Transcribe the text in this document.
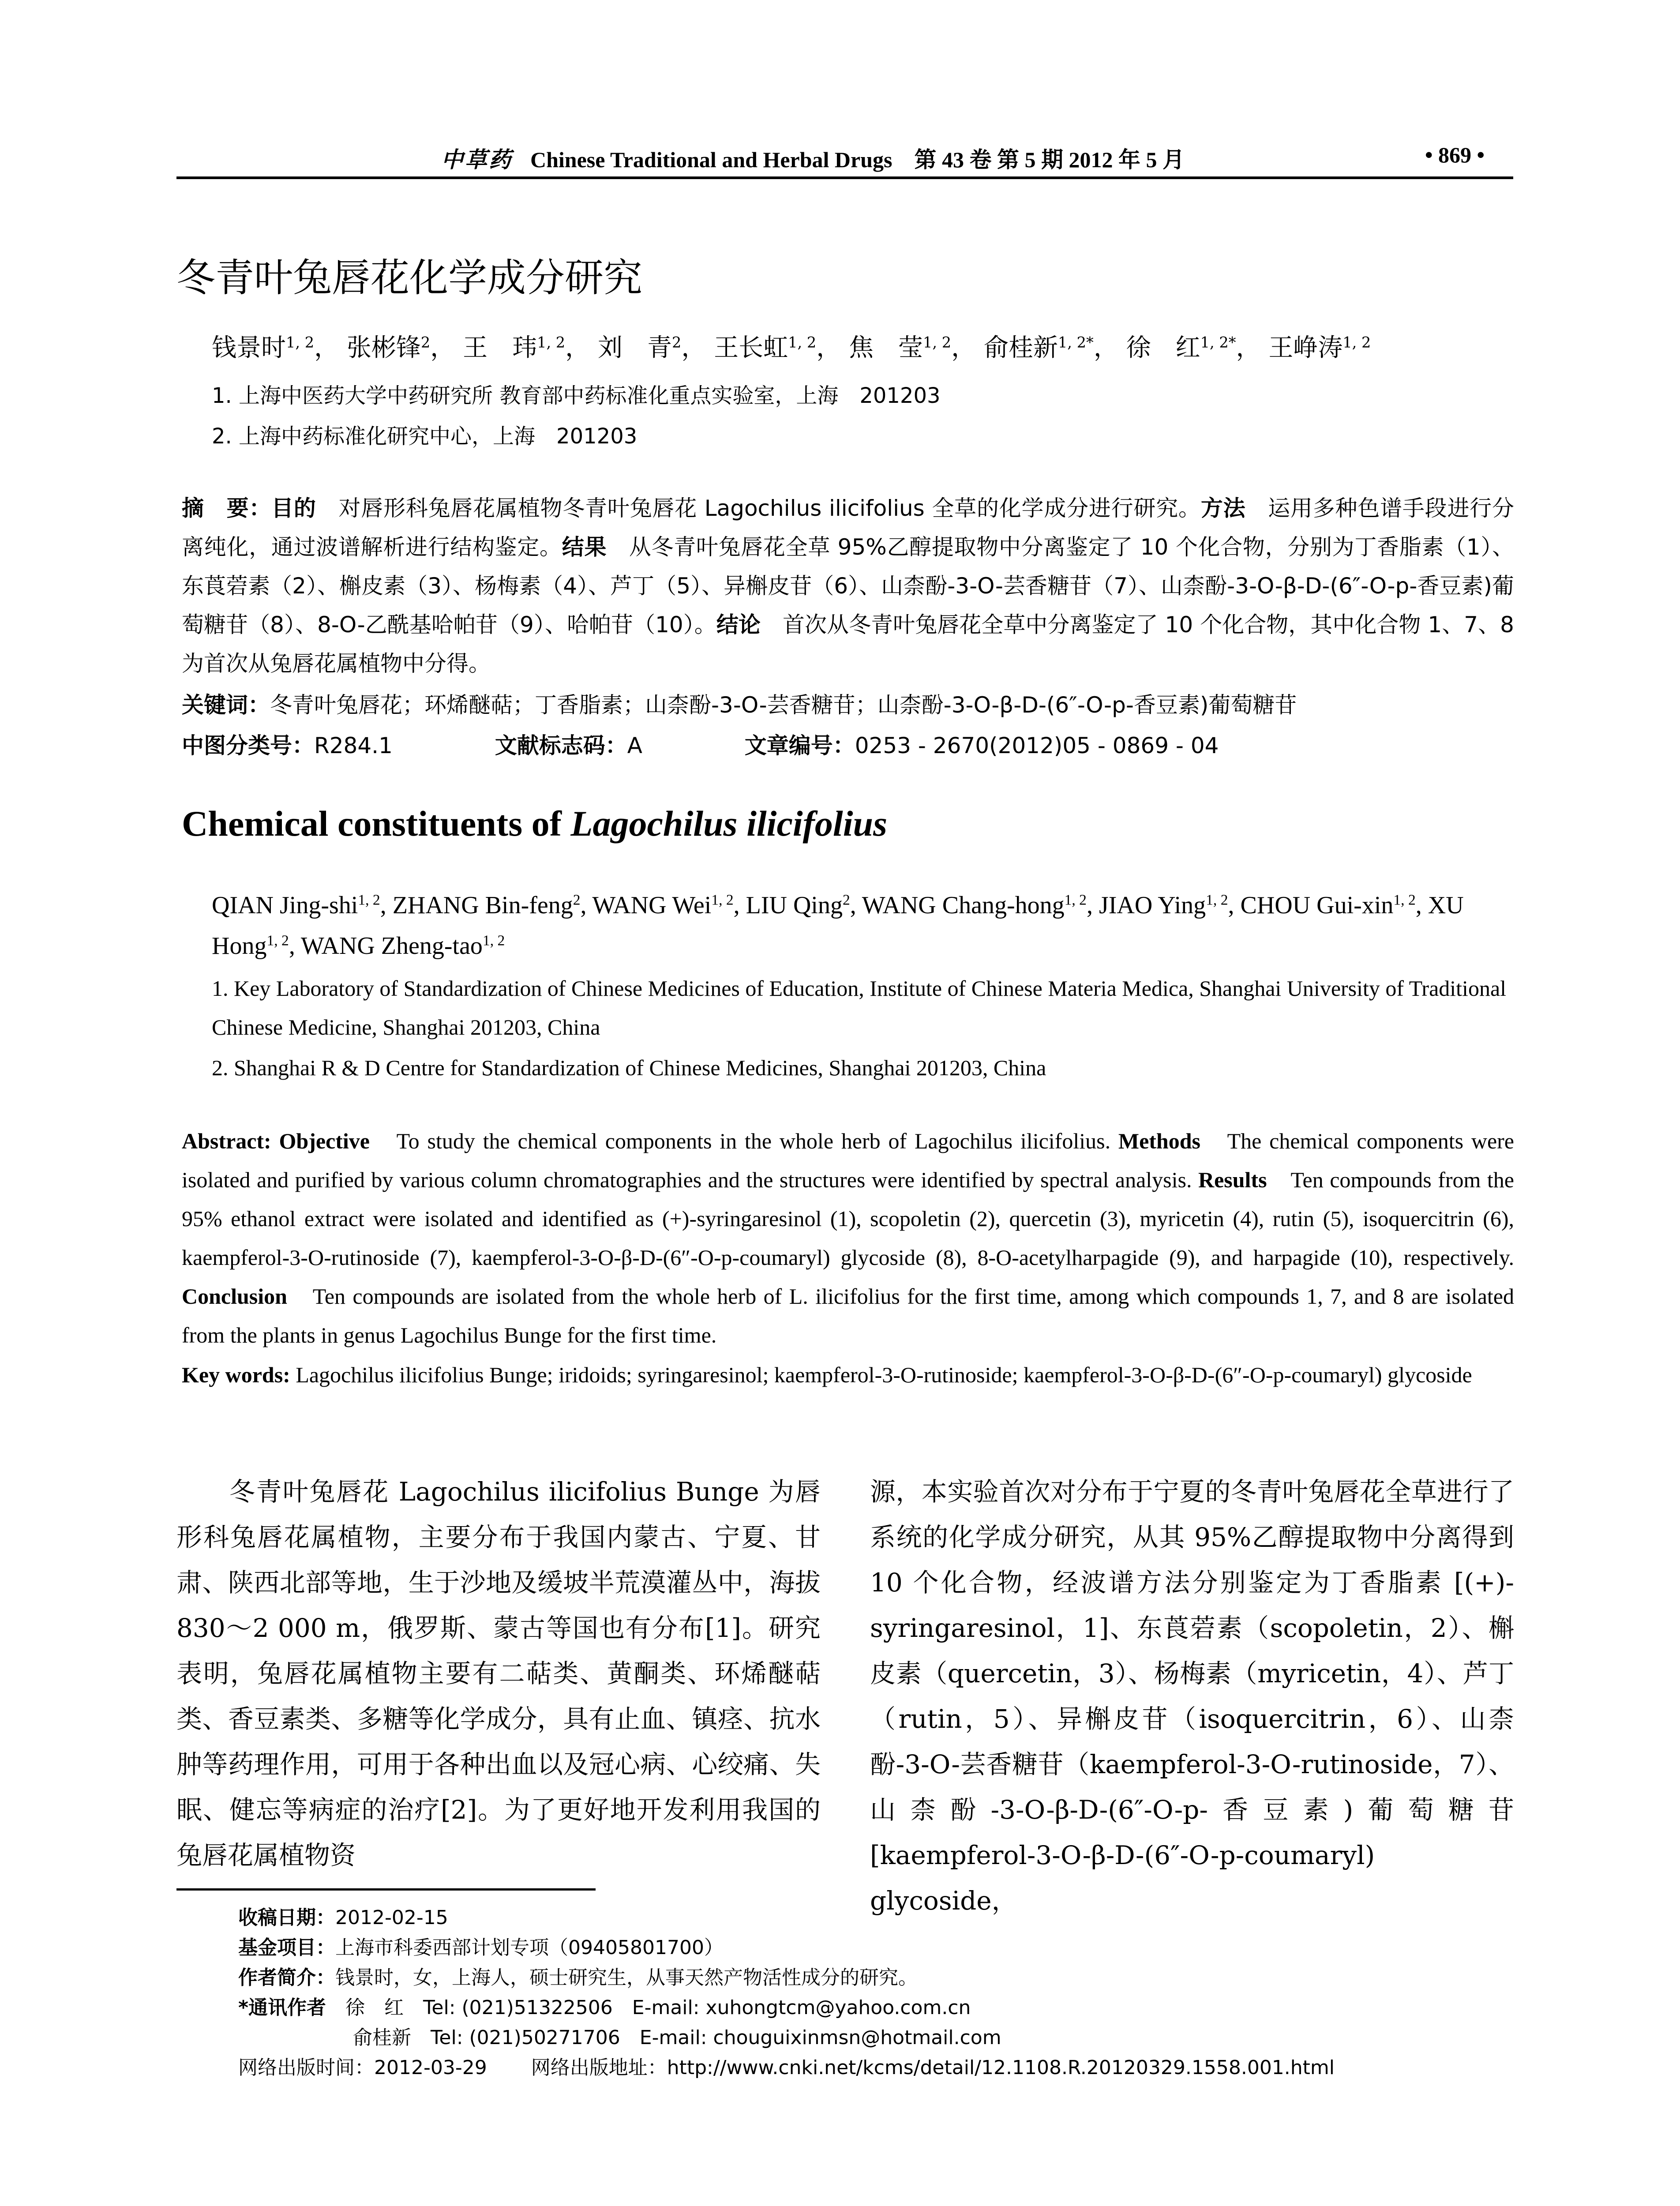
中草药 Chinese Traditional and Herbal Drugs　第 43 卷 第 5 期 2012 年 5 月	• 869 •
冬青叶兔唇花化学成分研究
钱景时$^{1, 2}$， 张彬锋$^2$， 王　玮$^{1, 2}$， 刘　青$^2$， 王长虹$^{1, 2}$， 焦　莹$^{1, 2}$， 俞桂新$^{1, 2*}$， 徐　红$^{1, 2*}$， 王峥涛$^{1, 2}$
1. 上海中医药大学中药研究所 教育部中药标准化重点实验室，上海　201203
2. 上海中药标准化研究中心，上海　201203
摘　要：目的　对唇形科兔唇花属植物冬青叶兔唇花 Lagochilus ilicifolius 全草的化学成分进行研究。方法　运用多种色谱手段进行分离纯化，通过波谱解析进行结构鉴定。结果　从冬青叶兔唇花全草 95%乙醇提取物中分离鉴定了 10 个化合物，分别为丁香脂素（1）、东莨菪素（2）、槲皮素（3）、杨梅素（4）、芦丁（5）、异槲皮苷（6）、山柰酚-3-O-芸香糖苷（7）、山柰酚-3-O-β-D-(6″-O-p-香豆素)葡萄糖苷（8）、8-O-乙酰基哈帕苷（9）、哈帕苷（10）。结论　首次从冬青叶兔唇花全草中分离鉴定了 10 个化合物，其中化合物 1、7、8 为首次从兔唇花属植物中分得。
关键词：冬青叶兔唇花；环烯醚萜；丁香脂素；山柰酚-3-O-芸香糖苷；山柰酚-3-O-β-D-(6″-O-p-香豆素)葡萄糖苷
中图分类号：R284.1	文献标志码：A	文章编号：0253 - 2670(2012)05 - 0869 - 04
Chemical constituents of Lagochilus ilicifolius
QIAN Jing-shi$^{1, 2}$, ZHANG Bin-feng$^2$, WANG Wei$^{1, 2}$, LIU Qing$^2$, WANG Chang-hong$^{1, 2}$, JIAO Ying$^{1, 2}$, CHOU Gui-xin$^{1, 2}$, XU Hong$^{1, 2}$, WANG Zheng-tao$^{1, 2}$
1. Key Laboratory of Standardization of Chinese Medicines of Education, Institute of Chinese Materia Medica, Shanghai University of Traditional Chinese Medicine, Shanghai 201203, China
2. Shanghai R & D Centre for Standardization of Chinese Medicines, Shanghai 201203, China
Abstract: Objective　To study the chemical components in the whole herb of Lagochilus ilicifolius. Methods　The chemical components were isolated and purified by various column chromatographies and the structures were identified by spectral analysis. Results　Ten compounds from the 95% ethanol extract were isolated and identified as (+)-syringaresinol (1), scopoletin (2), quercetin (3), myricetin (4), rutin (5), isoquercitrin (6), kaempferol-3-O-rutinoside (7), kaempferol-3-O-β-D-(6″-O-p-coumaryl) glycoside (8), 8-O-acetylharpagide (9), and harpagide (10), respectively. Conclusion　Ten compounds are isolated from the whole herb of L. ilicifolius for the first time, among which compounds 1, 7, and 8 are isolated from the plants in genus Lagochilus Bunge for the first time.
Key words: Lagochilus ilicifolius Bunge; iridoids; syringaresinol; kaempferol-3-O-rutinoside; kaempferol-3-O-β-D-(6″-O-p-coumaryl) glycoside
冬青叶兔唇花 Lagochilus ilicifolius Bunge 为唇形科兔唇花属植物，主要分布于我国内蒙古、宁夏、甘肃、陕西北部等地，生于沙地及缓坡半荒漠灌丛中，海拔 830～2 000 m，俄罗斯、蒙古等国也有分布[1]。研究表明，兔唇花属植物主要有二萜类、黄酮类、环烯醚萜类、香豆素类、多糖等化学成分，具有止血、镇痉、抗水肿等药理作用，可用于各种出血以及冠心病、心绞痛、失眠、健忘等病症的治疗[2]。为了更好地开发利用我国的兔唇花属植物资
源，本实验首次对分布于宁夏的冬青叶兔唇花全草进行了系统的化学成分研究，从其 95%乙醇提取物中分离得到 10 个化合物，经波谱方法分别鉴定为丁香脂素 [(+)-syringaresinol，1]、东莨菪素（scopoletin，2）、槲皮素（quercetin，3）、杨梅素（myricetin，4）、芦丁（rutin，5）、异槲皮苷（isoquercitrin，6）、山柰酚-3-O-芸香糖苷（kaempferol-3-O-rutinoside，7）、山柰酚-3-O-β-D-(6″-O-p-香豆素)葡萄糖苷 [kaempferol-3-O-β-D-(6″-O-p-coumaryl) glycoside，
收稿日期：2012-02-15
基金项目：上海市科委西部计划专项（09405801700）
作者简介：钱景时，女，上海人，硕士研究生，从事天然产物活性成分的研究。
*通讯作者　 徐　红　Tel: (021)51322506　E-mail: xuhongtcm@yahoo.com.cn
俞桂新　Tel: (021)50271706　E-mail: chouguixinmsn@hotmail.com
网络出版时间：2012-03-29 网络出版地址：http://www.cnki.net/kcms/detail/12.1108.R.20120329.1558.001.html
